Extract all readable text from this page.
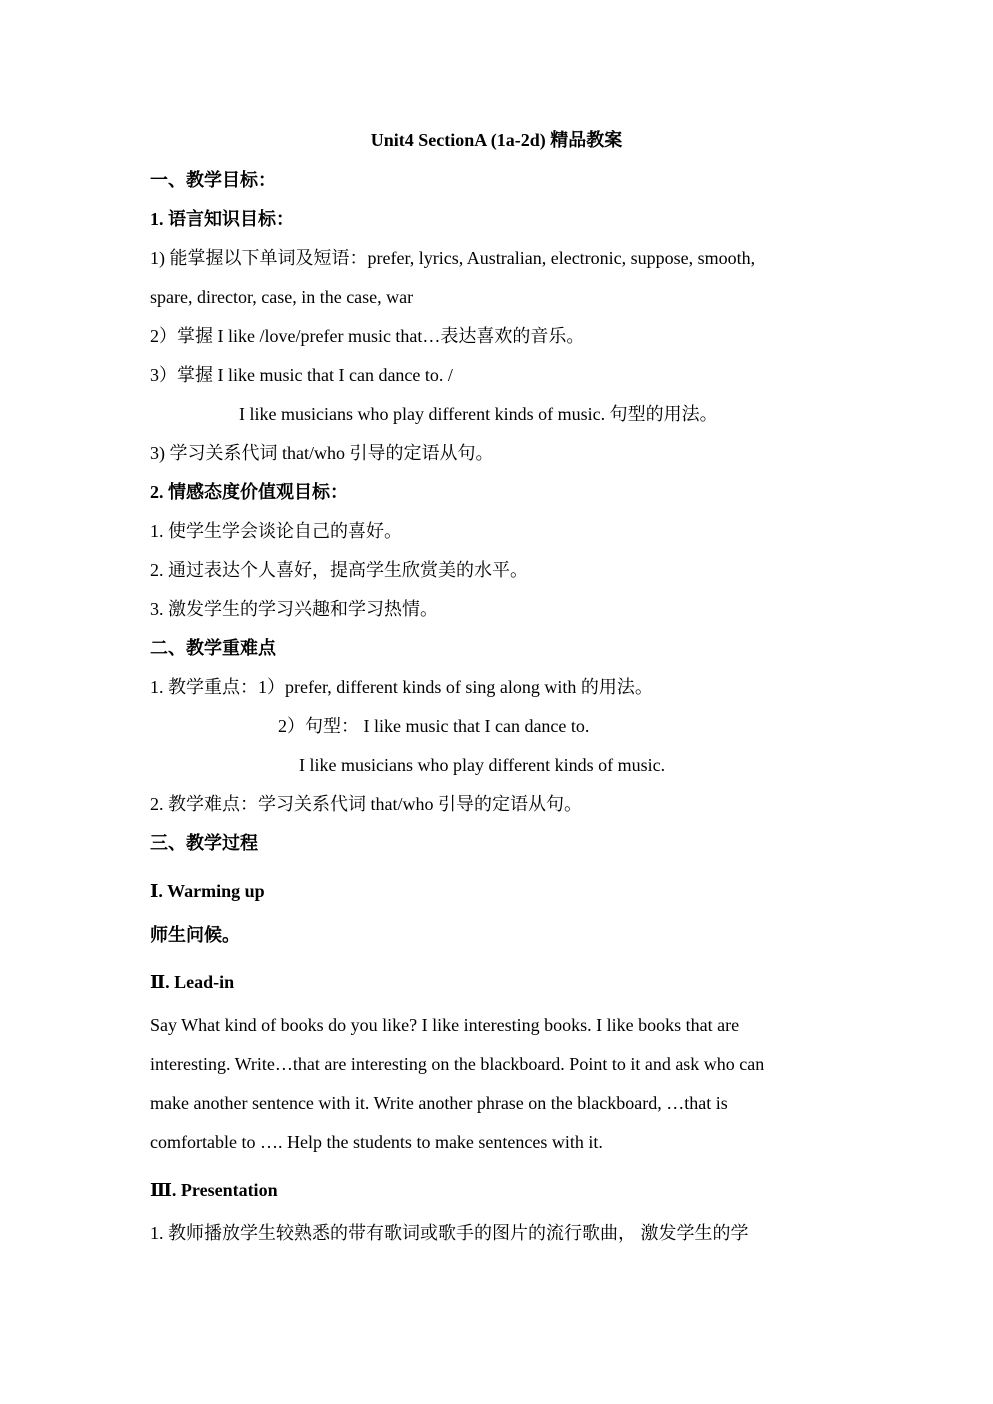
Unit4 SectionA (1a-2d) 精品教案
一、教学目标：
1. 语言知识目标：
1) 能掌握以下单词及短语：prefer, lyrics, Australian, electronic, suppose, smooth,
spare, director, case, in the case, war
2）掌握 I like /love/prefer music that…表达喜欢的音乐。
3）掌握 I like music that I can dance to. /
I like musicians who play different kinds of music. 句型的用法。
3) 学习关系代词 that/who 引导的定语从句。
2. 情感态度价值观目标：
1. 使学生学会谈论自己的喜好。
2. 通过表达个人喜好，提高学生欣赏美的水平。
3. 激发学生的学习兴趣和学习热情。
二、教学重难点
1. 教学重点：1）prefer, different kinds of sing along with 的用法。
2）句型： I like music that I can dance to.
I like musicians who play different kinds of music.
2. 教学难点：学习关系代词 that/who 引导的定语从句。
三、教学过程
Ⅰ. Warming up
师生问候。
Ⅱ. Lead-in
Say What kind of books do you like? I like interesting books. I like books that are
interesting. Write…that are interesting on the blackboard. Point to it and ask who can
make another sentence with it. Write another phrase on the blackboard, …that is
comfortable to …. Help the students to make sentences with it.
Ⅲ. Presentation
1. 教师播放学生较熟悉的带有歌词或歌手的图片的流行歌曲， 激发学生的学
